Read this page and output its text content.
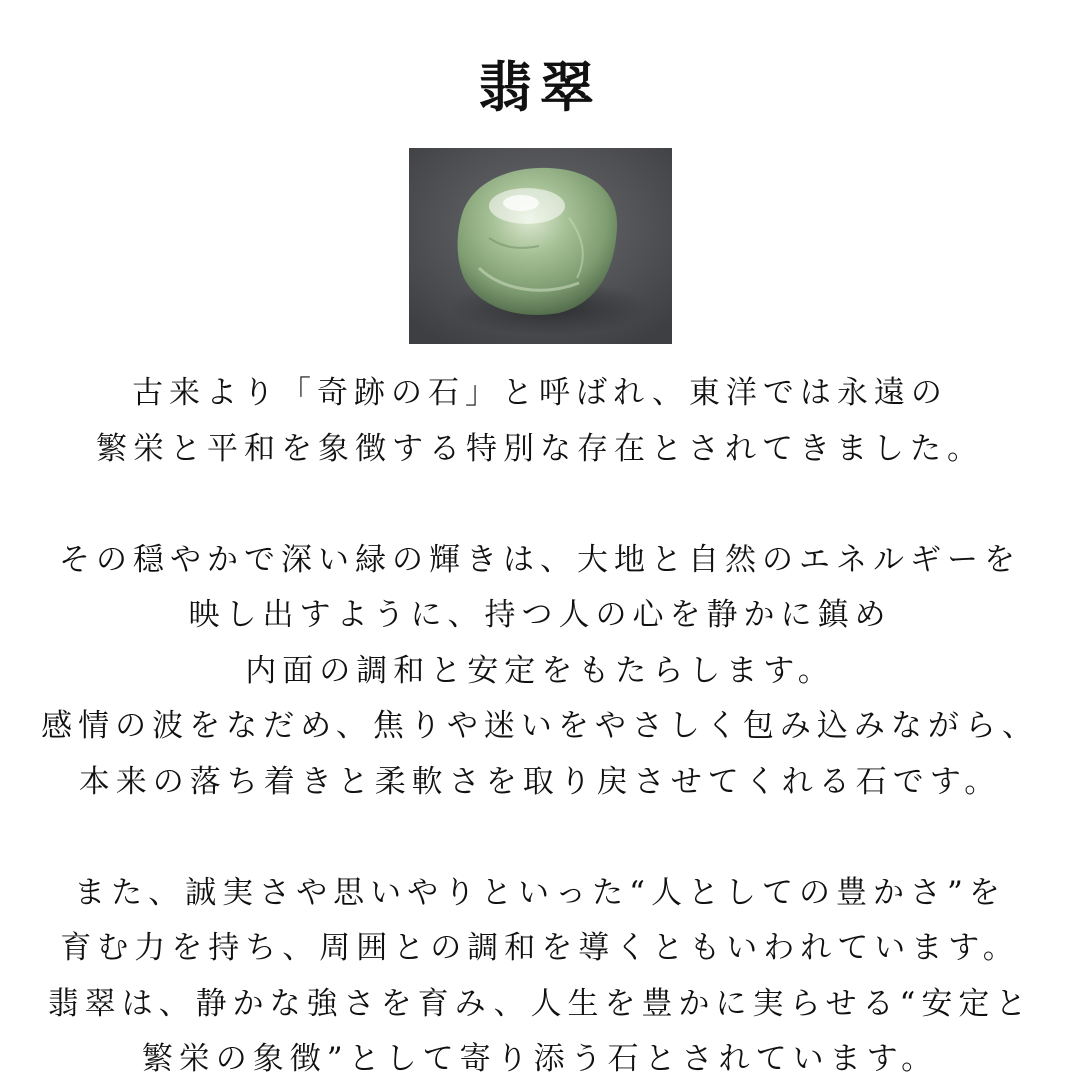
翡翠
古来より「奇跡の石」と呼ばれ、東洋では永遠の
繁栄と平和を象徴する特別な存在とされてきました。
その穏やかで深い緑の輝きは、大地と自然のエネルギーを
映し出すように、持つ人の心を静かに鎮め
内面の調和と安定をもたらします。
感情の波をなだめ、焦りや迷いをやさしく包み込みながら、
本来の落ち着きと柔軟さを取り戻させてくれる石です。
また、誠実さや思いやりといった“人としての豊かさ”を
育む力を持ち、周囲との調和を導くともいわれています。
翡翠は、静かな強さを育み、人生を豊かに実らせる“安定と
繁栄の象徴”として寄り添う石とされています。
